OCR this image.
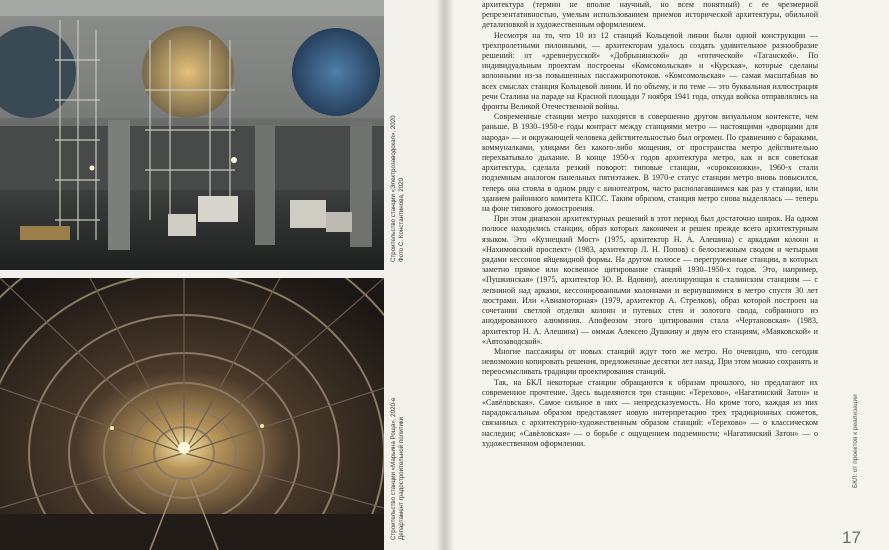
Строительство станции «Электрозаводская», 2020 Фото С. Константинова, 2020
Строительство станции «Марьина Роща», 2020-е Департамент градостроительной политики

архитектура (термин не вполне научный, но всем понятный) с ее чрезмерной репрезентативностью, умелым использованием приемов исторической архитектуры, обильной детализовкой и художественным оформлением.

Несмотря на то, что 10 из 12 станций Кольцевой линии были одной конструкции — трехпролетными пилонными, — архитекторам удалось создать удивительное разнообразие решений: от «древнерусской» «Добрынинской» до «готической» «Таганской». По индивидуальным проектам построены «Комсомольская» и «Курская», которые сделаны колонными из-за повышенных пассажиропотоков. «Комсомольская» — самая масштабная во всех смыслах станция Кольцевой линии. И по объему, и по теме — это буквальная иллюстрация речи Сталина на параде на Красной площади 7 ноября 1941 года, откуда войска отправлялись на фронты Великой Отечественной войны.

Современные станции метро находятся в совершенно другом визуальном контексте, чем раньше. В 1930–1950-е годы контраст между станциями метро — настоящими «дворцами для народа» — и окружающей человека действительностью был огромен. По сравнению с бараками, коммуналками, улицами без какого-либо мощения, от пространства метро действительно перехватывало дыхание. В конце 1950-х годов архитектура метро, как и вся советская архитектура, сделала резкий поворот: типовые станции, «сороконожки», 1960-х стали подземным аналогом панельных пятиэтажек. В 1970-е статус станции метро вновь повысился, теперь она стояла в одном ряду с кинотеатром, часто располагавшимся как раз у станции, или зданием районного комитета КПСС. Таким образом, станция метро снова выделялась — теперь на фоне типового домостроения.

При этом диапазон архитектурных решений в этот период был достаточно широк. На одном полюсе находились станции, образ которых лаконичен и решен прежде всего архитектурным языком. Это «Кузнецкий Мост» (1975, архитектор Н. А. Алешина) с аркадами колонн и «Нахимовский проспект» (1983, архитектор Л. Н. Попов) с белоснежным сводом и четырьмя рядами кессонов яйцевидной формы. На другом полюсе — перегруженные станции, в которых заметно прямое или косвенное цитирование станций 1930–1950-х годов. Это, например, «Пушкинская» (1975, архитектор Ю. В. Вдовин), апеллирующая к сталинским станциям — с лепниной над арками, кессонированными колоннами и вернувшимися в метро спустя 30 лет люстрами. Или «Авиамоторная» (1979, архитектор А. Стрелков), образ которой построен на сочетании светлой отделки колонн и путевых стен и золотого свода, собранного из анодированного алюминия. Апофеозом этого цитирования стала «Чертановская» (1983, архитектор Н. А. Алешина) — оммаж Алексею Душкину и двум его станциям, «Маяковской» и «Автозаводской».

Многие пассажиры от новых станций ждут того же метро. Но очевидно, что сегодня невозможно копировать решения, предложенные десятки лет назад. При этом можно сохранять и переосмысливать традиции проектирования станций.

Так, на БКЛ некоторые станции обращаются к образам прошлого, но предлагают их современное прочтение. Здесь выделяются три станции: «Терехово», «Нагатинский Затон» и «Савёловская». Самое сильное в них — непредсказуемость. Но кроме того, каждая из них парадоксальным образом представляет новую интерпретацию трех традиционных сюжетов, связанных с архитектурно-художественным образом станций: «Терехово» — о классическом наследии; «Савёловская» — о борьбе с ощущением подземности; «Нагатинский Затон» — о художественном оформлении.	БКЛ: от проектов к реализации
17
